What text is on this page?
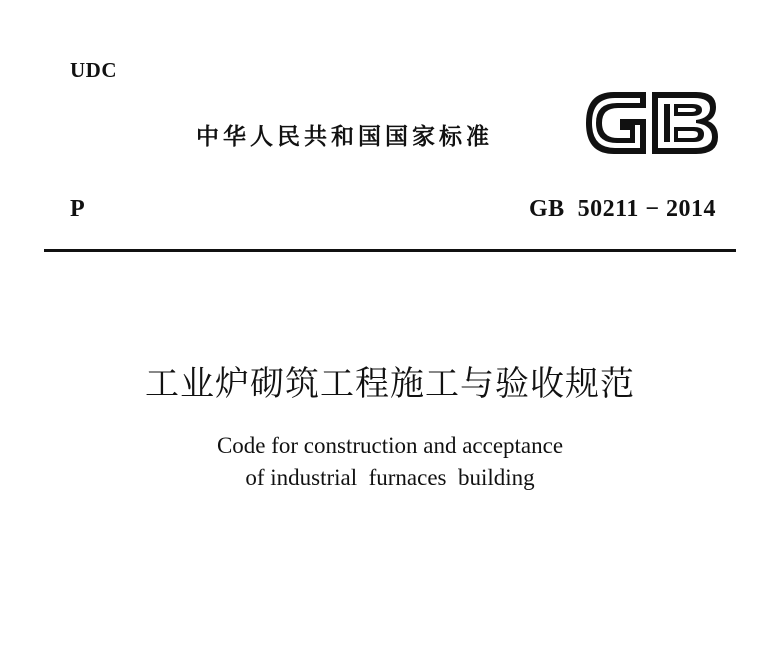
UDC
中华人民共和国国家标准
P	GB  50211 − 2014
工业炉砌筑工程施工与验收规范
Code for construction and acceptance
of industrial  furnaces  building
